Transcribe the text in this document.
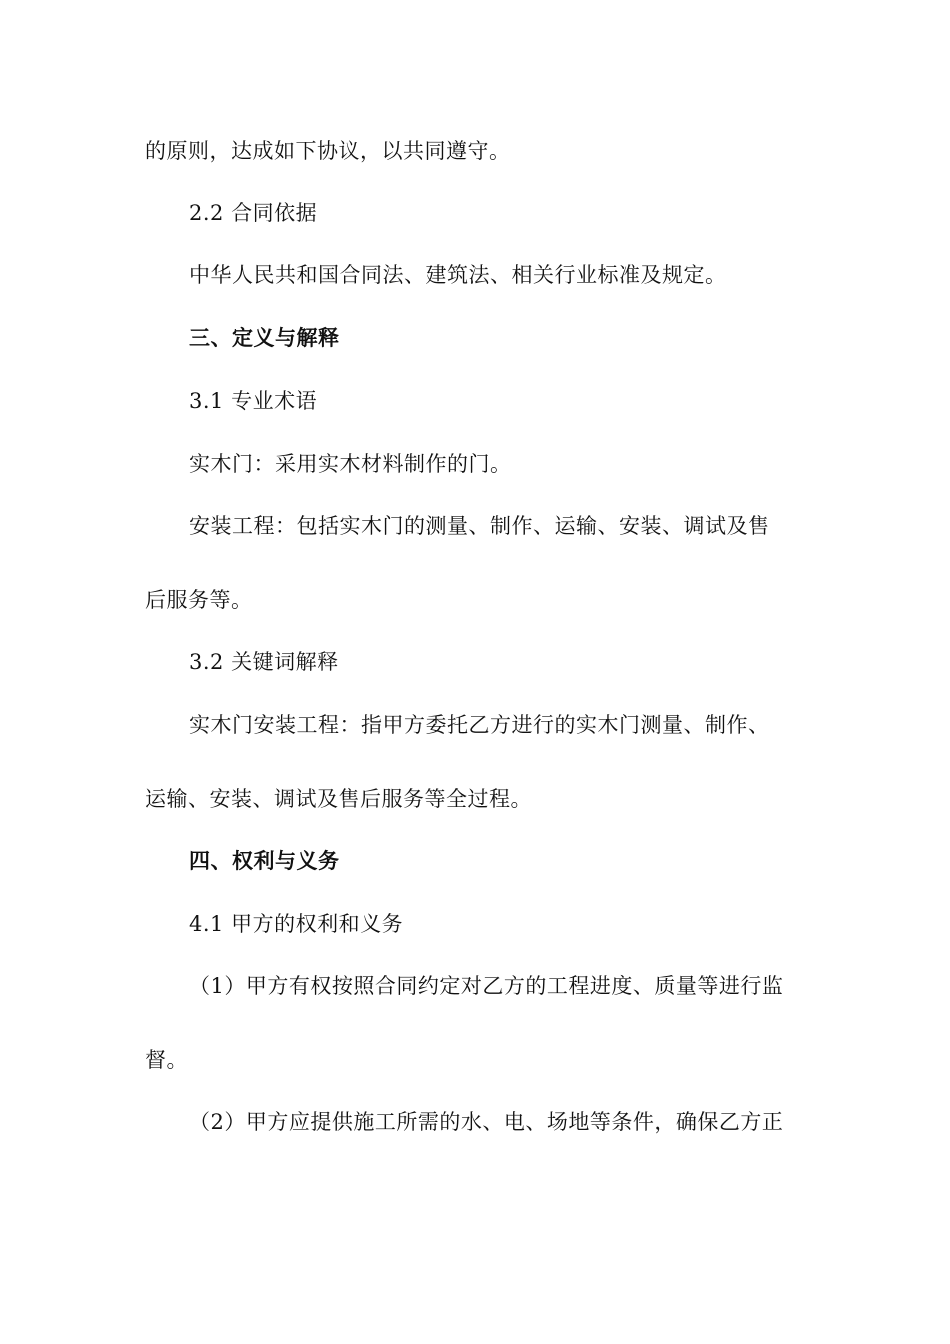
的原则，达成如下协议，以共同遵守。
2.2 合同依据
中华人民共和国合同法、建筑法、相关行业标准及规定。
三、定义与解释
3.1 专业术语
实木门：采用实木材料制作的门。
安装工程：包括实木门的测量、制作、运输、安装、调试及售
后服务等。
3.2 关键词解释
实木门安装工程：指甲方委托乙方进行的实木门测量、制作、
运输、安装、调试及售后服务等全过程。
四、权利与义务
4.1 甲方的权利和义务
（1）甲方有权按照合同约定对乙方的工程进度、质量等进行监
督。
（2）甲方应提供施工所需的水、电、场地等条件，确保乙方正
